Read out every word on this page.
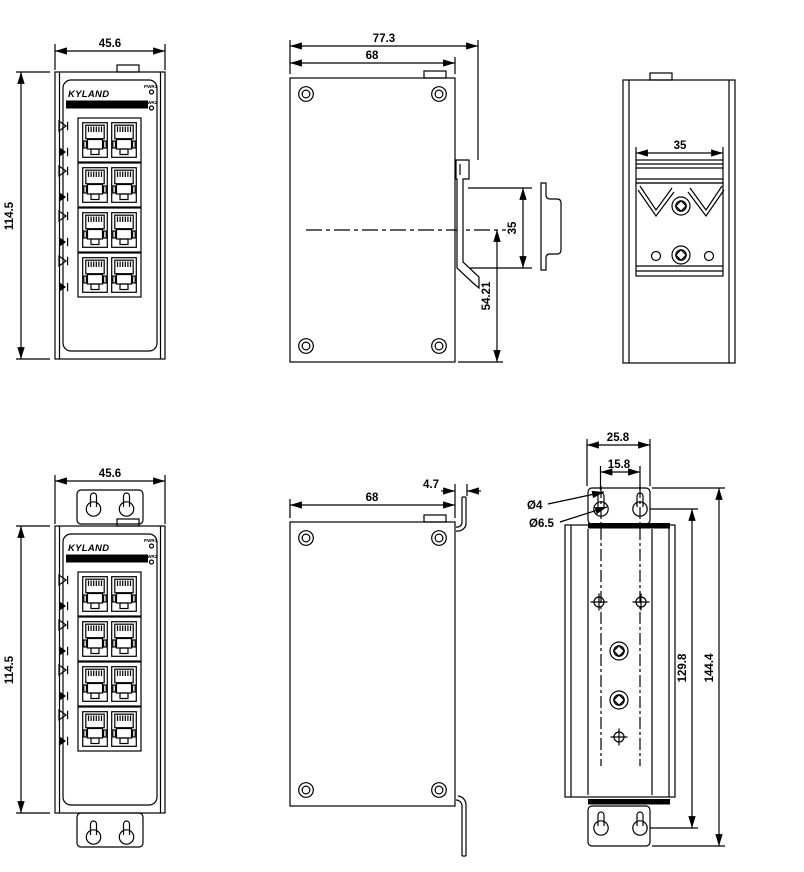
KYLAND
PWR1
PWR2
45.6
114.5
77.3
68
35
54.21
35
45.6
114.5
68
4.7
25.8
15.8
Ø4
Ø6.5
129.8 144.4
